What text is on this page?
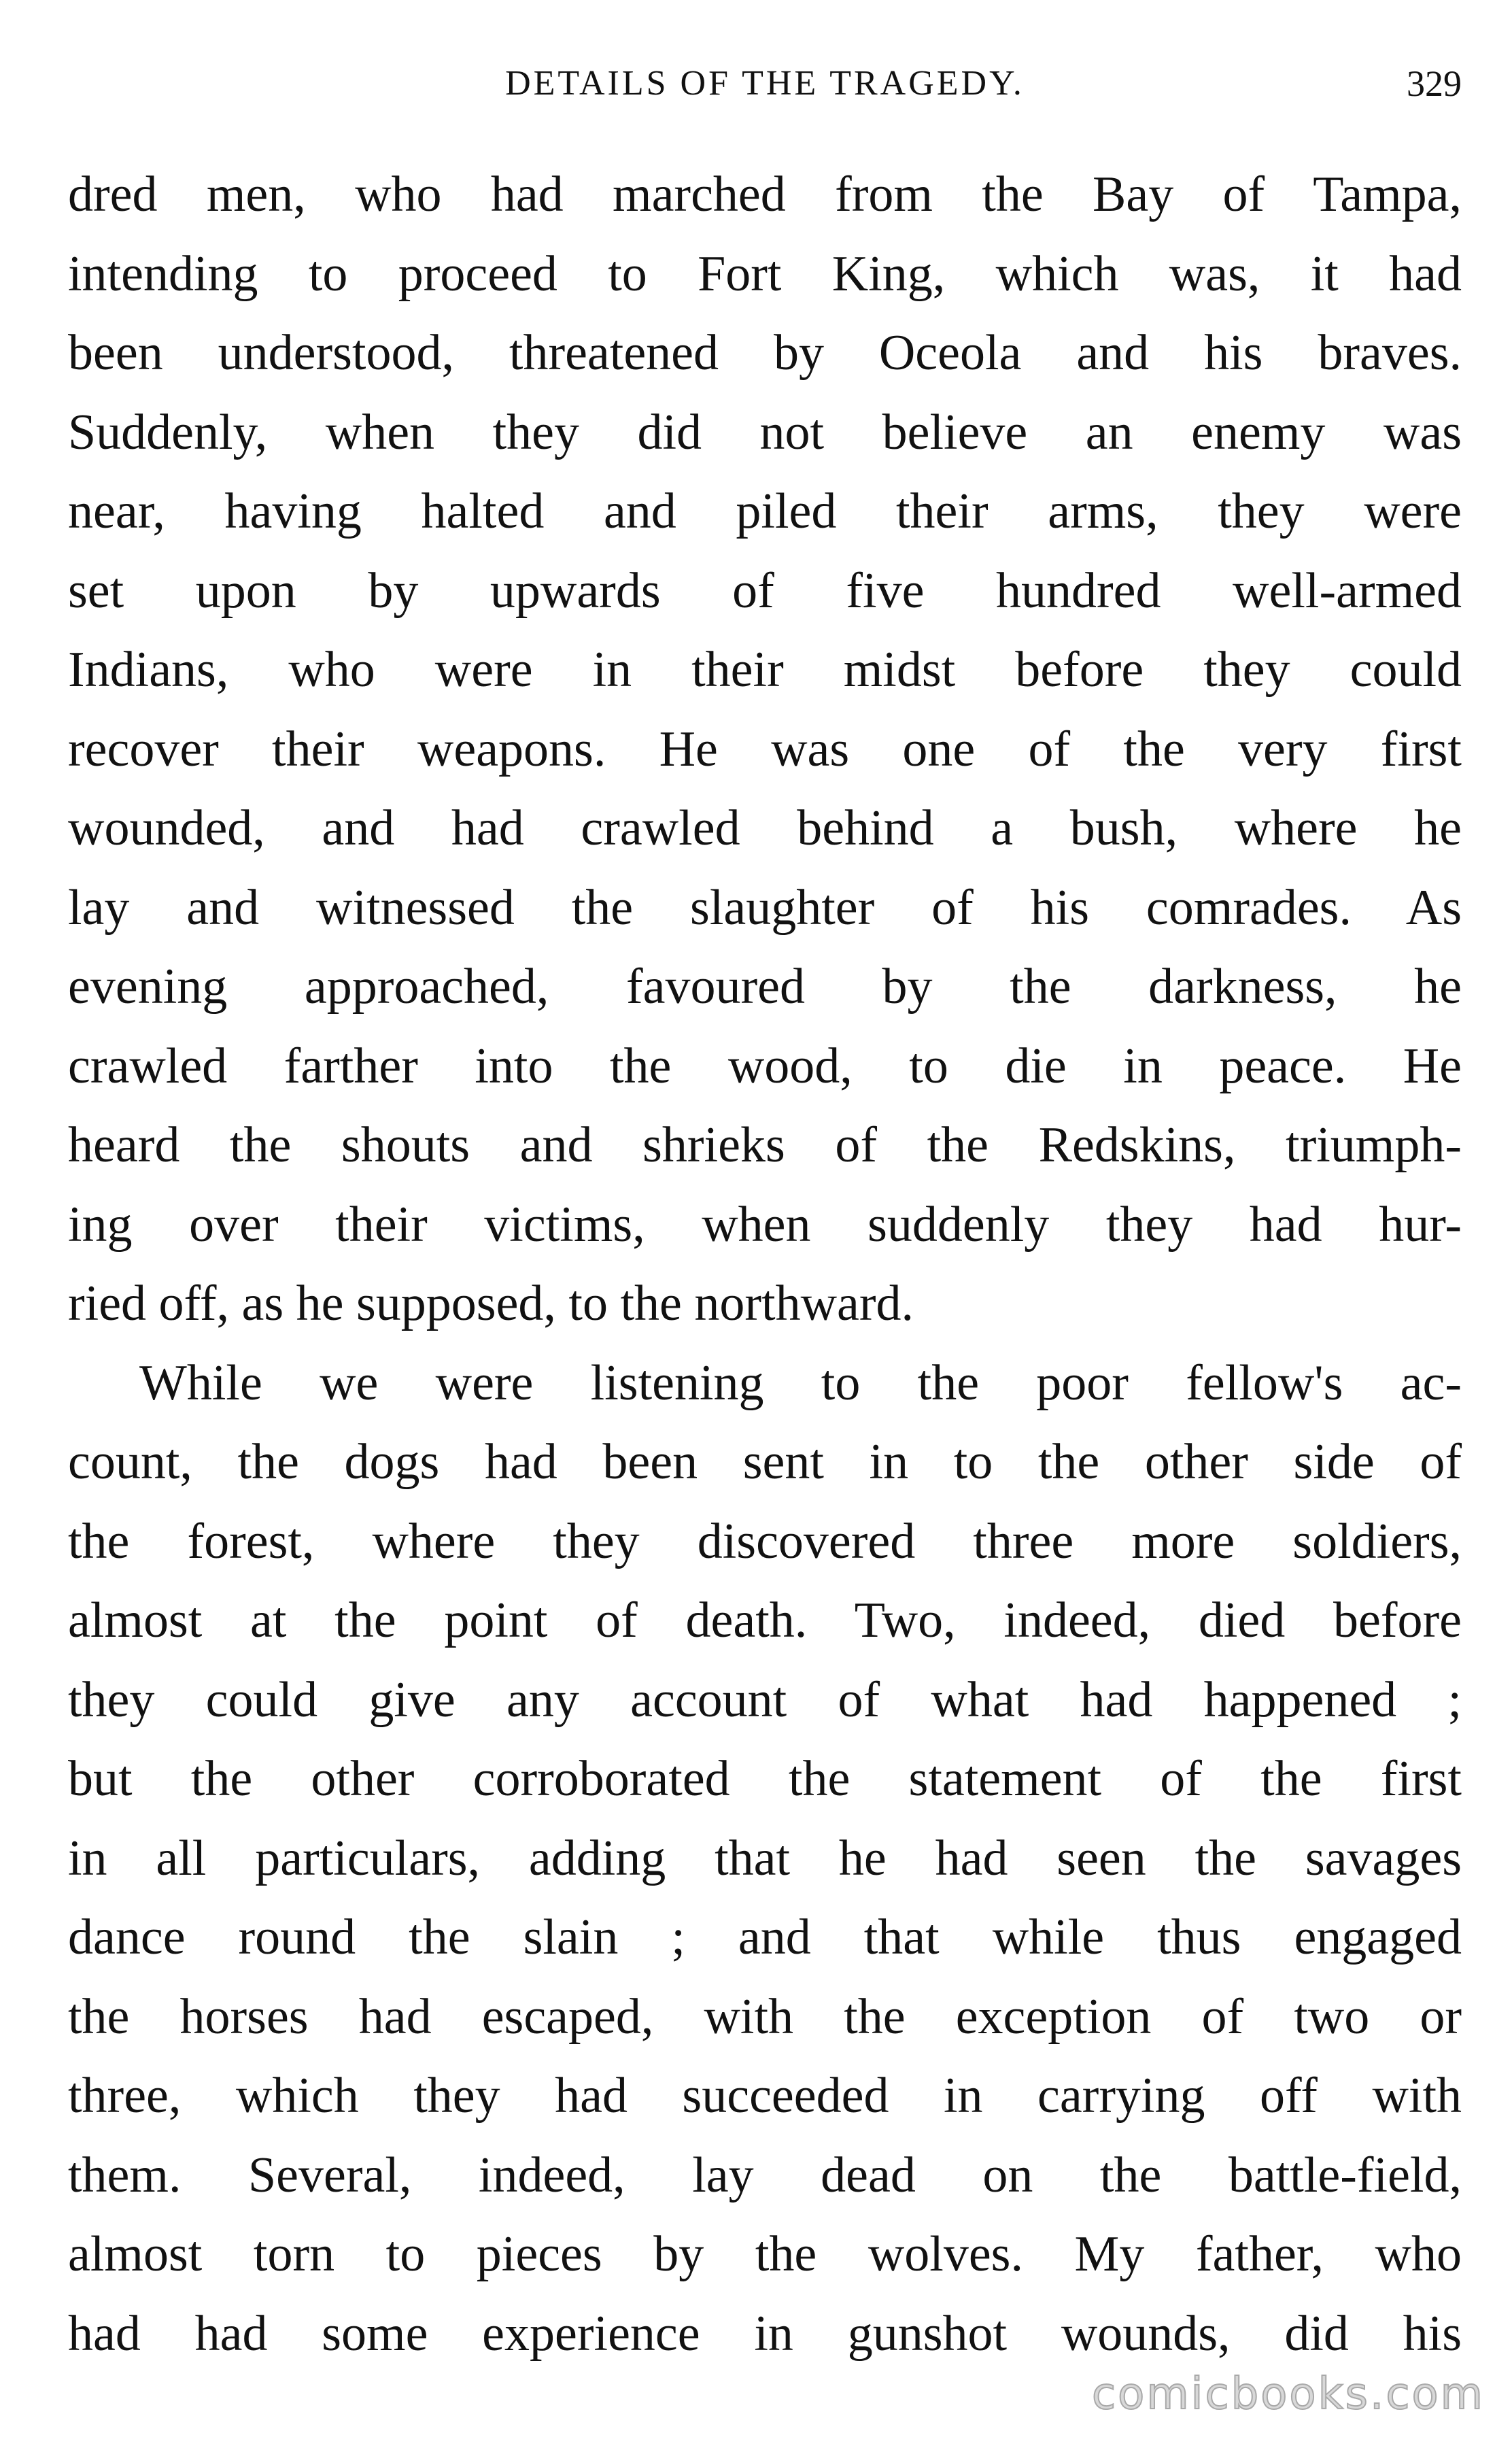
DETAILS OF THE TRAGEDY.	329
dred men, who had marched from the Bay of Tampa,
intending to proceed to Fort King, which was, it had
been understood, threatened by Oceola and his braves.
Suddenly, when they did not believe an enemy was
near, having halted and piled their arms, they were
set upon by upwards of five hundred well-armed
Indians, who were in their midst before they could
recover their weapons. He was one of the very first
wounded, and had crawled behind a bush, where he
lay and witnessed the slaughter of his comrades. As
evening approached, favoured by the darkness, he
crawled farther into the wood, to die in peace. He
heard the shouts and shrieks of the Redskins, triumph-
ing over their victims, when suddenly they had hur-
ried off, as he supposed, to the northward.
While we were listening to the poor fellow's ac-
count, the dogs had been sent in to the other side of
the forest, where they discovered three more soldiers,
almost at the point of death. Two, indeed, died before
they could give any account of what had happened ;
but the other corroborated the statement of the first
in all particulars, adding that he had seen the savages
dance round the slain ; and that while thus engaged
the horses had escaped, with the exception of two or
three, which they had succeeded in carrying off with
them. Several, indeed, lay dead on the battle-field,
almost torn to pieces by the wolves. My father, who
had had some experience in gunshot wounds, did his
comicbooks.com
